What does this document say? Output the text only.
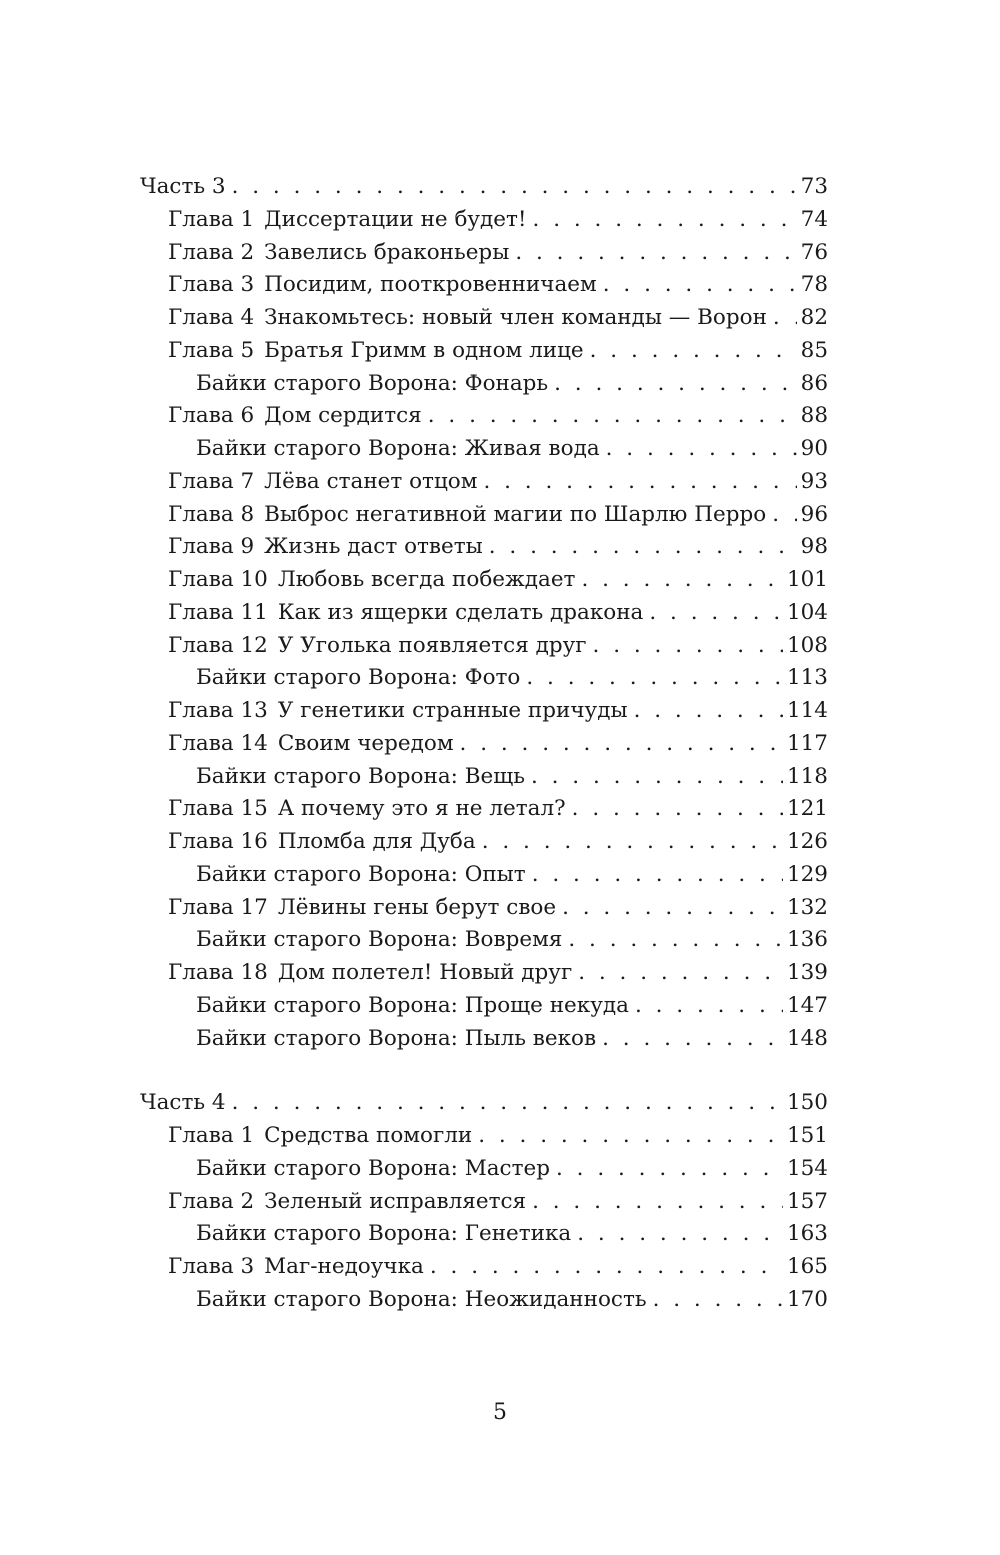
Часть 3 . . .	73
Глава 1 Диссертации не будет! . . .	74
Глава 2 Завелись браконьеры . . .	76
Глава 3 Посидим, пооткровенничаем . . .	78
Глава 4 Знакомьтесь: новый член команды — Ворон . . . 82
Глава 5 Братья Гримм в одном лице . . .	85
Байки старого Ворона: Фонарь . . .	86
Глава 6 Дом сердится . . .	88
Байки старого Ворона: Живая вода . . .	90
Глава 7 Лёва станет отцом . . .	93
Глава 8 Выброс негативной магии по Шарлю Перро . . . 96
Глава 9 Жизнь даст ответы . . .	98
Глава 10 Любовь всегда побеждает . . .	101
Глава 11 Как из ящерки сделать дракона . . .	104
Глава 12 У Уголька появляется друг . . .	108
Байки старого Ворона: Фото . . .	113
Глава 13 У генетики странные причуды . . .	114
Глава 14 Своим чередом . . .	117
Байки старого Ворона: Вещь . . .	118
Глава 15 А почему это я не летал? . . .	121
Глава 16 Пломба для Дуба . . .	126
Байки старого Ворона: Опыт . . .	129
Глава 17 Лёвины гены берут свое . . .	132
Байки старого Ворона: Вовремя . . .	136
Глава 18 Дом полетел! Новый друг . . .	139
Байки старого Ворона: Проще некуда . . .	147
Байки старого Ворона: Пыль веков . . .	148
Часть 4 . . .	150
Глава 1 Средства помогли . . .	151
Байки старого Ворона: Мастер . . .	154
Глава 2 Зеленый исправляется . . .	157
Байки старого Ворона: Генетика . . .	163
Глава 3 Маг-недоучка . . .	165
Байки старого Ворона: Неожиданность . . .	170
5
